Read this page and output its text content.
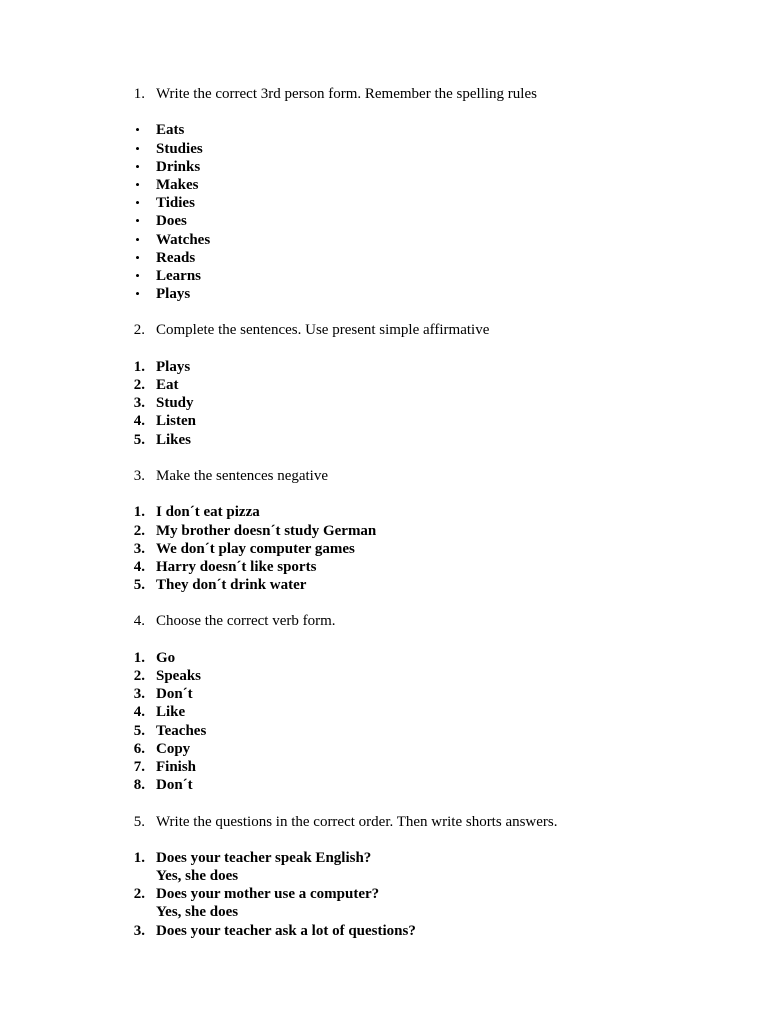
1. Write the correct 3rd person form. Remember the spelling rules
•	Eats
•	Studies
•	Drinks
•	Makes
•	Tidies
•	Does
•	Watches
•	Reads
•	Learns
•	Plays
2. Complete the sentences. Use present simple affirmative
1. Plays
2. Eat
3. Study
4. Listen
5. Likes
3. Make the sentences negative
1. I don´t eat pizza
2. My brother doesn´t study German
3. We don´t play computer games
4. Harry doesn´t like sports
5. They don´t drink water
4. Choose the correct verb form.
1. Go
2. Speaks
3. Don´t
4. Like
5. Teaches
6. Copy
7. Finish
8. Don´t
5. Write the questions in the correct order. Then write shorts answers.
1. Does your teacher speak English?
Yes, she does
2. Does your mother use a computer?
Yes, she does
3. Does your teacher ask a lot of questions?
